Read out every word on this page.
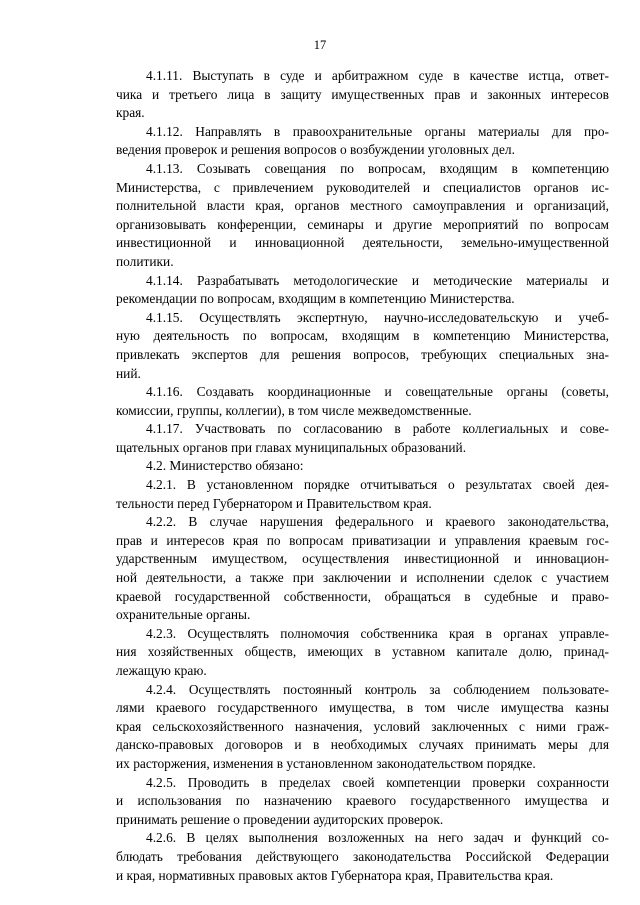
17
4.1.11. Выступать в суде и арбитражном суде в качестве истца, ответ-
чика и третьего лица в защиту имущественных прав и законных интересов
края.
4.1.12. Направлять в правоохранительные органы материалы для про-
ведения проверок и решения вопросов о возбуждении уголовных дел.
4.1.13. Созывать совещания по вопросам, входящим в компетенцию
Министерства, с привлечением руководителей и специалистов органов ис-
полнительной власти края, органов местного самоуправления и организаций,
организовывать конференции, семинары и другие мероприятий по вопросам
инвестиционной и инновационной деятельности, земельно-имущественной
политики.
4.1.14. Разрабатывать методологические и методические материалы и
рекомендации по вопросам, входящим в компетенцию Министерства.
4.1.15. Осуществлять экспертную, научно-исследовательскую и учеб-
ную деятельность по вопросам, входящим в компетенцию Министерства,
привлекать экспертов для решения вопросов, требующих специальных зна-
ний.
4.1.16. Создавать координационные и совещательные органы (советы,
комиссии, группы, коллегии), в том числе межведомственные.
4.1.17. Участвовать по согласованию в работе коллегиальных и сове-
щательных органов при главах муниципальных образований.
4.2. Министерство обязано:
4.2.1. В установленном порядке отчитываться о результатах своей дея-
тельности перед Губернатором и Правительством края.
4.2.2. В случае нарушения федерального и краевого законодательства,
прав и интересов края по вопросам приватизации и управления краевым гос-
ударственным имуществом, осуществления инвестиционной и инновацион-
ной деятельности, а также при заключении и исполнении сделок с участием
краевой государственной собственности, обращаться в судебные и право-
охранительные органы.
4.2.3. Осуществлять полномочия собственника края в органах управле-
ния хозяйственных обществ, имеющих в уставном капитале долю, принад-
лежащую краю.
4.2.4. Осуществлять постоянный контроль за соблюдением пользовате-
лями краевого государственного имущества, в том числе имущества казны
края сельскохозяйственного назначения, условий заключенных с ними граж-
данско-правовых договоров и в необходимых случаях принимать меры для
их расторжения, изменения в установленном законодательством порядке.
4.2.5. Проводить в пределах своей компетенции проверки сохранности
и использования по назначению краевого государственного имущества и
принимать решение о проведении аудиторских проверок.
4.2.6. В целях выполнения возложенных на него задач и функций со-
блюдать требования действующего законодательства Российской Федерации
и края, нормативных правовых актов Губернатора края, Правительства края.
